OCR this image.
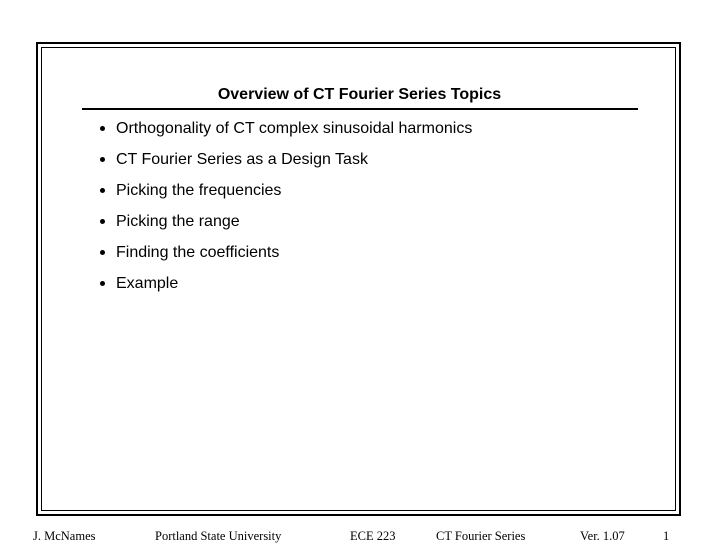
Overview of CT Fourier Series Topics
Orthogonality of CT complex sinusoidal harmonics
CT Fourier Series as a Design Task
Picking the frequencies
Picking the range
Finding the coefficients
Example
J. McNames	Portland State University	ECE 223	CT Fourier Series	Ver. 1.07	1
